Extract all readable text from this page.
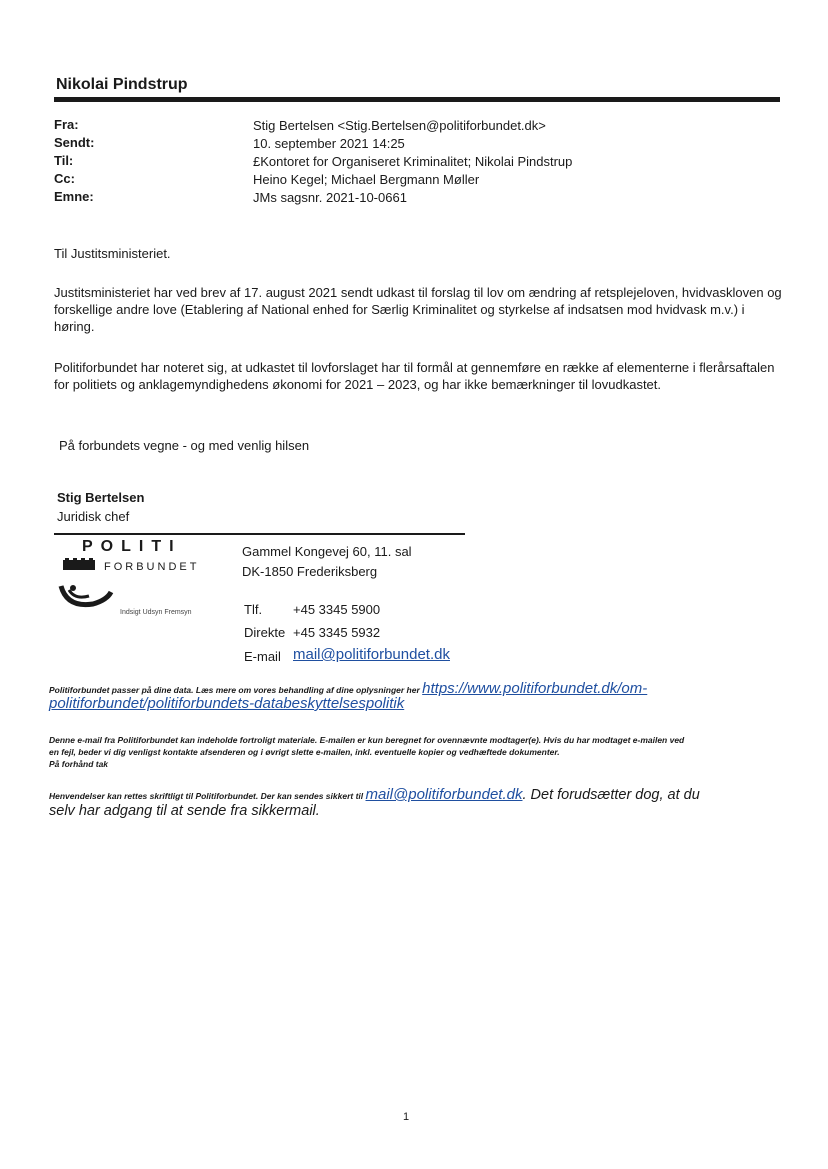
Nikolai Pindstrup
Fra:	Stig Bertelsen <Stig.Bertelsen@politiforbundet.dk>
Sendt:	10. september 2021 14:25
Til:	£Kontoret for Organiseret Kriminalitet; Nikolai Pindstrup
Cc:	Heino Kegel; Michael Bergmann Møller
Emne:	JMs sagsnr. 2021-10-0661
Til Justitsministeriet.
Justitsministeriet har ved brev af 17. august 2021 sendt udkast til forslag til lov om ændring af retsplejeloven, hvidvaskloven og forskellige andre love (Etablering af National enhed for Særlig Kriminalitet og styrkelse af indsatsen mod hvidvask m.v.) i høring.
Politiforbundet har noteret sig, at udkastet til lovforslaget har til formål at gennemføre en række af elementerne i flerårsaftalen for politiets og anklagemyndighedens økonomi for 2021 – 2023, og har ikke bemærkninger til lovudkastet.
På forbundets vegne - og med venlig hilsen
Stig Bertelsen
Juridisk chef
POLITI
FORBUNDET
Indsigt Udsyn Fremsyn
Gammel Kongevej 60, 11. sal
DK-1850 Frederiksberg
Tlf. +45 3345 5900
Direkte +45 3345 5932
E-mail mail@politiforbundet.dk
Politiforbundet passer på dine data. Læs mere om vores behandling af dine oplysninger her https://www.politiforbundet.dk/om-
politiforbundet/politiforbundets-databeskyttelsespolitik
Denne e-mail fra Politiforbundet kan indeholde fortroligt materiale. E-mailen er kun beregnet for ovennævnte modtager(e). Hvis du har modtaget e-mailen ved
en fejl, beder vi dig venligst kontakte afsenderen og i øvrigt slette e-mailen, inkl. eventuelle kopier og vedhæftede dokumenter.
På forhånd tak
Henvendelser kan rettes skriftligt til Politiforbundet. Der kan sendes sikkert til mail@politiforbundet.dk. Det forudsætter dog, at du
selv har adgang til at sende fra sikkermail.
1
